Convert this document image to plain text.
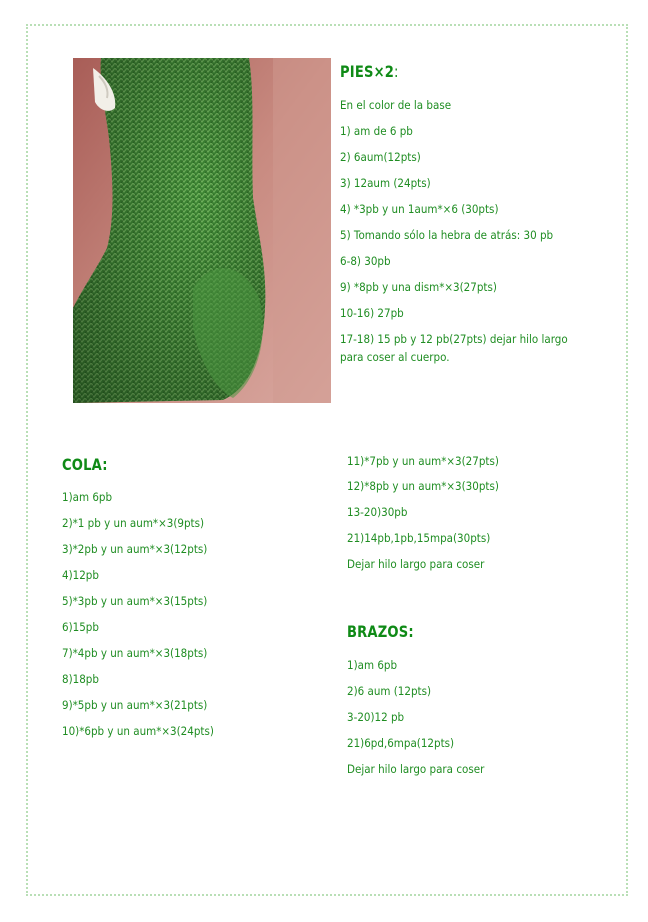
PIES×2:
En el color de la base
1) am de 6 pb
2) 6aum(12pts)
3) 12aum (24pts)
4) *3pb y un 1aum*×6 (30pts)
5) Tomando sólo la hebra de atrás: 30 pb
6-8) 30pb
9) *8pb y una dism*×3(27pts)
10-16) 27pb
17-18) 15 pb y 12 pb(27pts) dejar hilo largo
para coser al cuerpo.
COLA:
1)am 6pb
2)*1 pb y un aum*×3(9pts)
3)*2pb y un aum*×3(12pts)
4)12pb
5)*3pb y un aum*×3(15pts)
6)15pb
7)*4pb y un aum*×3(18pts)
8)18pb
9)*5pb y un aum*×3(21pts)
10)*6pb y un aum*×3(24pts)
11)*7pb y un aum*×3(27pts)
12)*8pb y un aum*×3(30pts)
13-20)30pb
21)14pb,1pb,15mpa(30pts)
Dejar hilo largo para coser
BRAZOS:
1)am 6pb
2)6 aum (12pts)
3-20)12 pb
21)6pd,6mpa(12pts)
Dejar hilo largo para coser
